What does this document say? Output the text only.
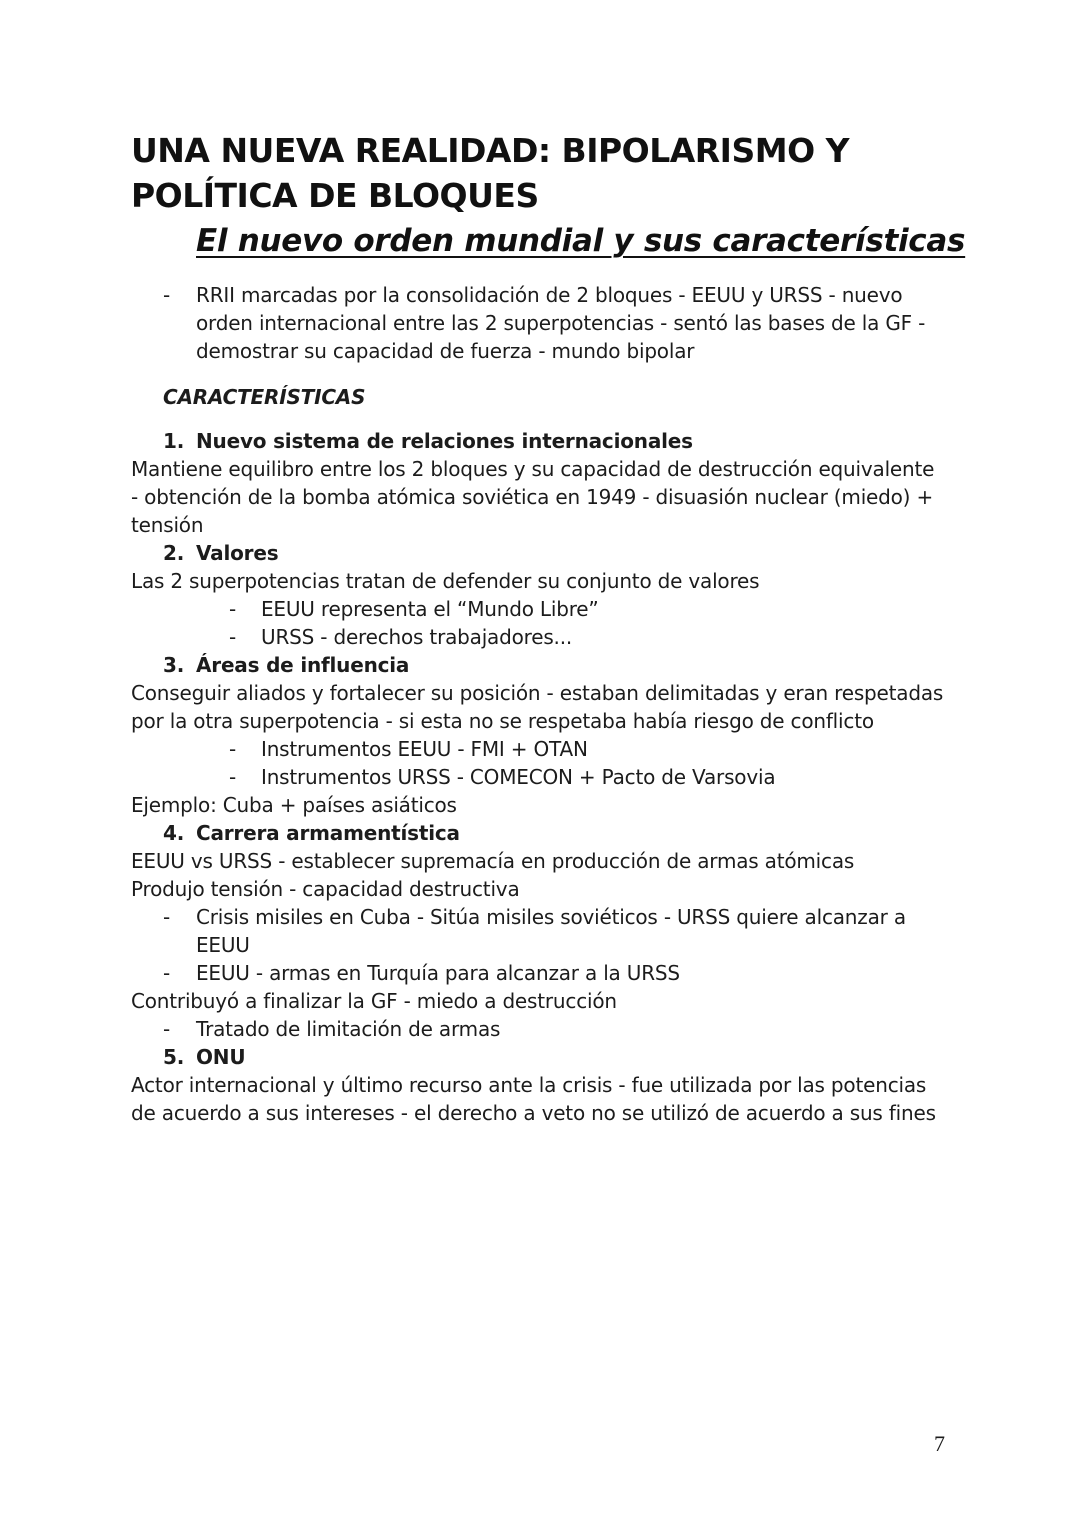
UNA NUEVA REALIDAD: BIPOLARISMO Y POLÍTICA DE BLOQUES
El nuevo orden mundial y sus características
- RRII marcadas por la consolidación de 2 bloques - EEUU y URSS - nuevo orden internacional entre las 2 superpotencias - sentó las bases de la GF - demostrar su capacidad de fuerza - mundo bipolar

CARACTERÍSTICAS

1. Nuevo sistema de relaciones internacionales

Mantiene equilibro entre los 2 bloques y su capacidad de destrucción equivalente - obtención de la bomba atómica soviética en 1949 - disuasión nuclear (miedo) + tensión

2. Valores

Las 2 superpotencias tratan de defender su conjunto de valores

- EEUU representa el “Mundo Libre”

- URSS - derechos trabajadores...

3. Áreas de influencia

Conseguir aliados y fortalecer su posición - estaban delimitadas y eran respetadas por la otra superpotencia - si esta no se respetaba había riesgo de conflicto

- Instrumentos EEUU - FMI + OTAN

- Instrumentos URSS - COMECON + Pacto de Varsovia

Ejemplo: Cuba + países asiáticos

4. Carrera armamentística

EEUU vs URSS - establecer supremacía en producción de armas atómicas

Produjo tensión - capacidad destructiva

- Crisis misiles en Cuba - Sitúa misiles soviéticos - URSS quiere alcanzar a EEUU

- EEUU - armas en Turquía para alcanzar a la URSS

Contribuyó a finalizar la GF - miedo a destrucción

- Tratado de limitación de armas

5. ONU

Actor internacional y último recurso ante la crisis - fue utilizada por las potencias de acuerdo a sus intereses - el derecho a veto no se utilizó de acuerdo a sus fines

7
